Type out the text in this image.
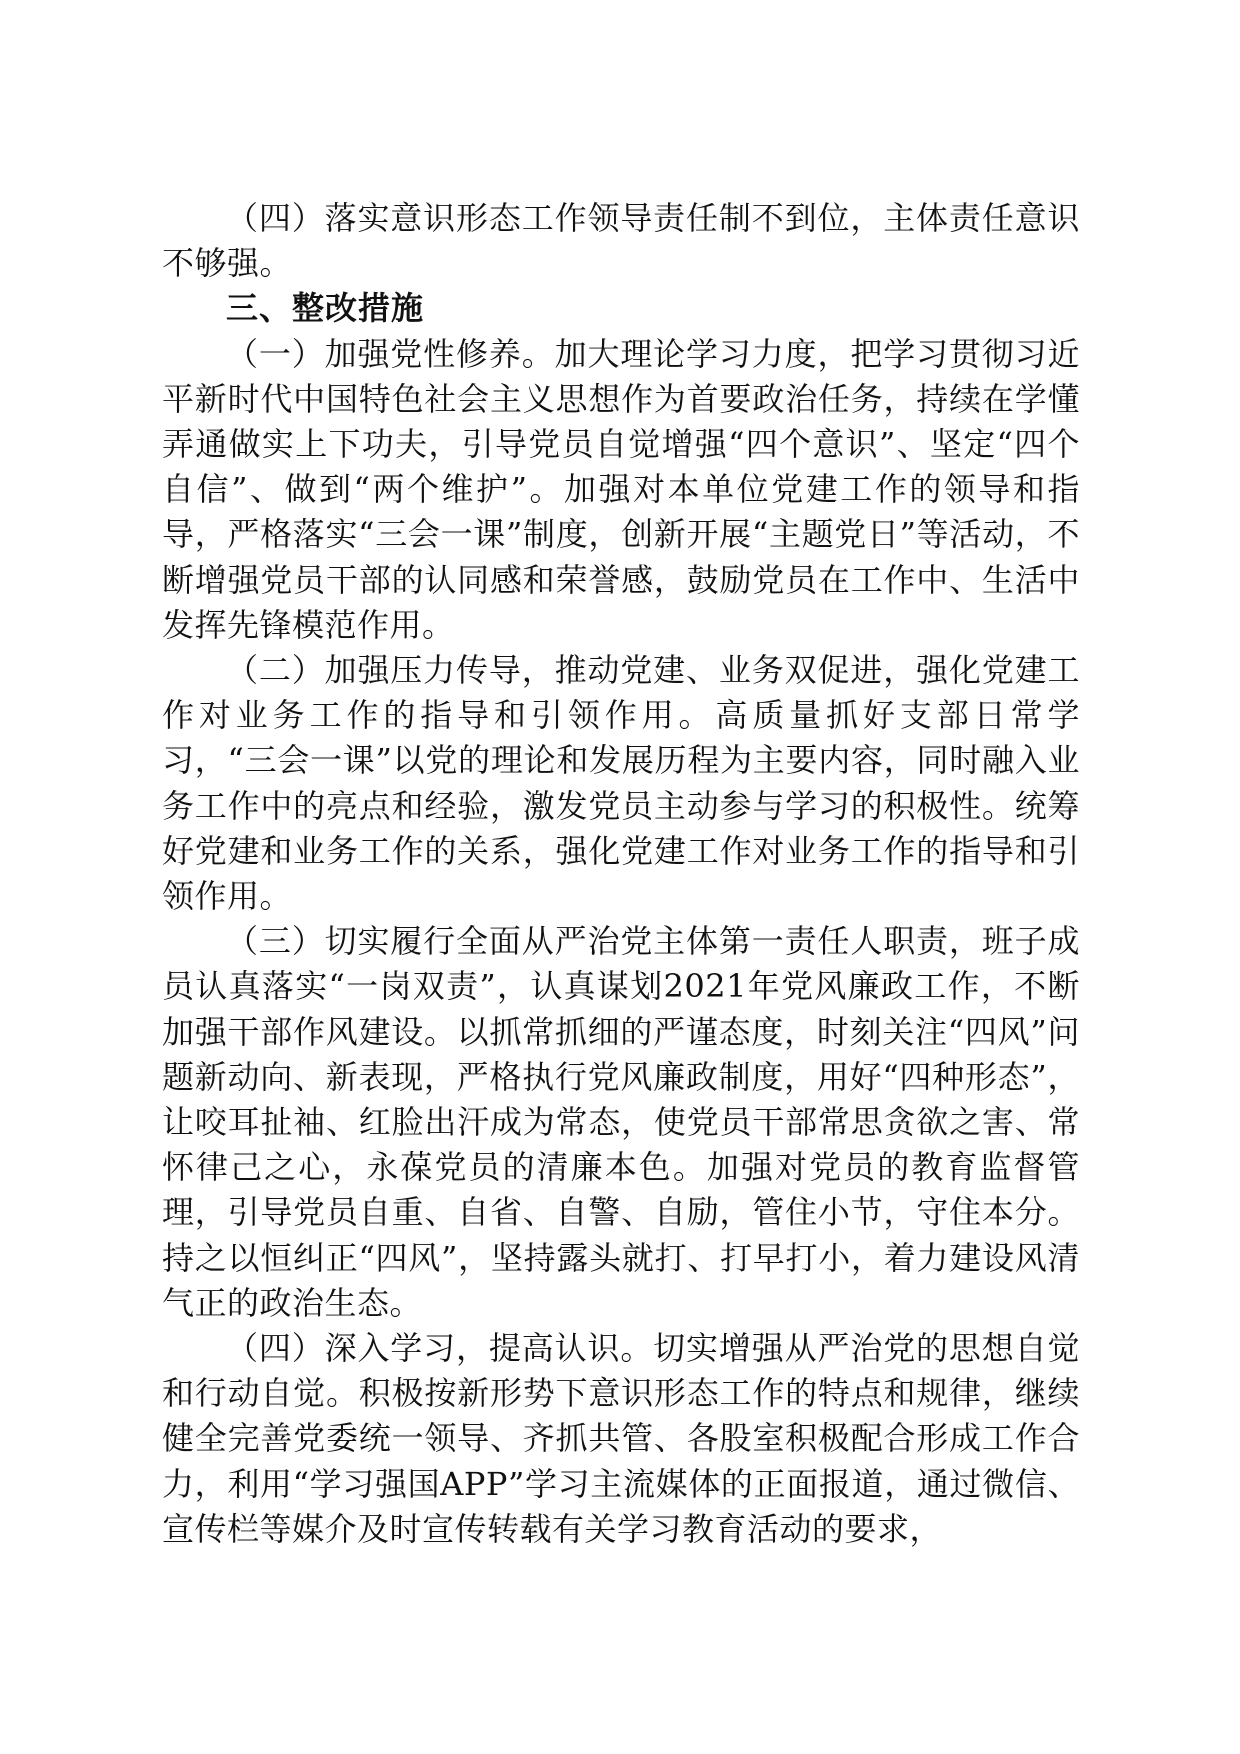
（四）落实意识形态工作领导责任制不到位，主体责任意识不够强。

三、整改措施

（一）加强党性修养。加大理论学习力度，把学习贯彻习近平新时代中国特色社会主义思想作为首要政治任务，持续在学懂弄通做实上下功夫，引导党员自觉增强“四个意识”、坚定“四个自信”、做到“两个维护”。加强对本单位党建工作的领导和指导，严格落实“三会一课”制度，创新开展“主题党日”等活动，不断增强党员干部的认同感和荣誉感，鼓励党员在工作中、生活中发挥先锋模范作用。

（二）加强压力传导，推动党建、业务双促进，强化党建工作对业务工作的指导和引领作用。高质量抓好支部日常学习，“三会一课”以党的理论和发展历程为主要内容，同时融入业务工作中的亮点和经验，激发党员主动参与学习的积极性。统筹好党建和业务工作的关系，强化党建工作对业务工作的指导和引领作用。

（三）切实履行全面从严治党主体第一责任人职责，班子成员认真落实“一岗双责”，认真谋划2021年党风廉政工作，不断加强干部作风建设。以抓常抓细的严谨态度，时刻关注“四风”问题新动向、新表现，严格执行党风廉政制度，用好“四种形态”，让咬耳扯袖、红脸出汗成为常态，使党员干部常思贪欲之害、常怀律己之心，永葆党员的清廉本色。加强对党员的教育监督管理，引导党员自重、自省、自警、自励，管住小节，守住本分。持之以恒纠正“四风”，坚持露头就打、打早打小，着力建设风清气正的政治生态。

（四）深入学习，提高认识。切实增强从严治党的思想自觉和行动自觉。积极按新形势下意识形态工作的特点和规律，继续健全完善党委统一领导、齐抓共管、各股室积极配合形成工作合力，利用“学习强国APP”学习主流媒体的正面报道，通过微信、宣传栏等媒介及时宣传转载有关学习教育活动的要求，
